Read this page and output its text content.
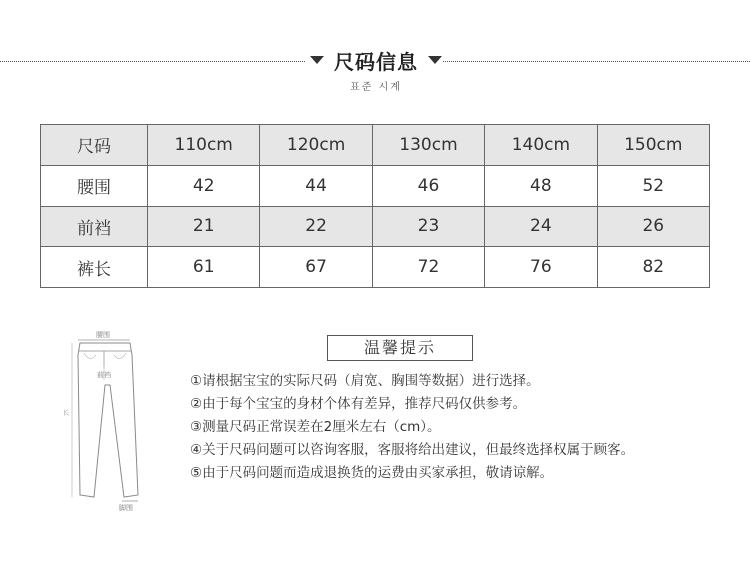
尺码信息
표준 시계
尺码	110cm	120cm	130cm	140cm	150cm
腰围	42	44	46	48	52
前裆	21	22	23	24	26
裤长	61	67	72	76	82
腰围
前裆
长
脚围
温馨提示
①请根据宝宝的实际尺码（肩宽、胸围等数据）进行选择。
②由于每个宝宝的身材个体有差异，推荐尺码仅供参考。
③测量尺码正常误差在2厘米左右（cm）。
④关于尺码问题可以咨询客服，客服将给出建议，但最终选择权属于顾客。
⑤由于尺码问题而造成退换货的运费由买家承担，敬请谅解。
